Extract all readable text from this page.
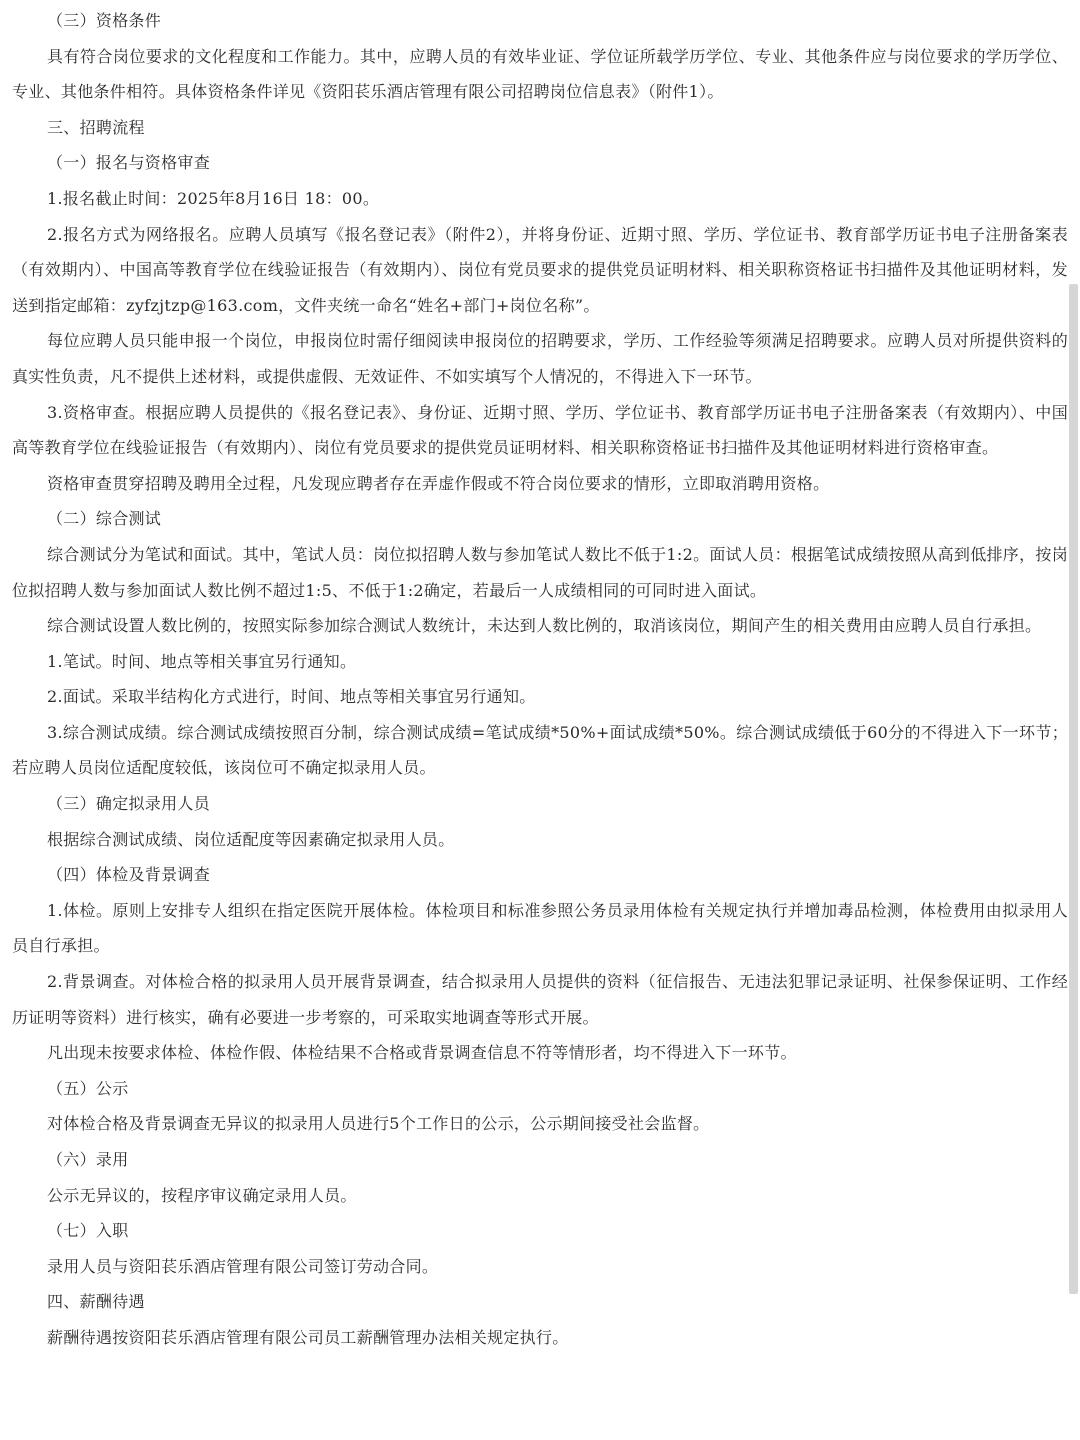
（三）资格条件

具有符合岗位要求的文化程度和工作能力。其中，应聘人员的有效毕业证、学位证所载学历学位、专业、其他条件应与岗位要求的学历学位、专业、其他条件相符。具体资格条件详见《资阳苌乐酒店管理有限公司招聘岗位信息表》（附件1）。

三、招聘流程

（一）报名与资格审查

1.报名截止时间：2025年8月16日 18：00。

2.报名方式为网络报名。应聘人员填写《报名登记表》（附件2），并将身份证、近期寸照、学历、学位证书、教育部学历证书电子注册备案表（有效期内）、中国高等教育学位在线验证报告（有效期内）、岗位有党员要求的提供党员证明材料、相关职称资格证书扫描件及其他证明材料，发送到指定邮箱：zyfzjtzp@163.com，文件夹统一命名“姓名+部门+岗位名称”。

每位应聘人员只能申报一个岗位，申报岗位时需仔细阅读申报岗位的招聘要求，学历、工作经验等须满足招聘要求。应聘人员对所提供资料的真实性负责，凡不提供上述材料，或提供虚假、无效证件、不如实填写个人情况的，不得进入下一环节。

3.资格审查。根据应聘人员提供的《报名登记表》、身份证、近期寸照、学历、学位证书、教育部学历证书电子注册备案表（有效期内）、中国高等教育学位在线验证报告（有效期内）、岗位有党员要求的提供党员证明材料、相关职称资格证书扫描件及其他证明材料进行资格审查。

资格审查贯穿招聘及聘用全过程，凡发现应聘者存在弄虚作假或不符合岗位要求的情形，立即取消聘用资格。

（二）综合测试

综合测试分为笔试和面试。其中，笔试人员：岗位拟招聘人数与参加笔试人数比不低于1:2。面试人员：根据笔试成绩按照从高到低排序，按岗位拟招聘人数与参加面试人数比例不超过1:5、不低于1:2确定，若最后一人成绩相同的可同时进入面试。

综合测试设置人数比例的，按照实际参加综合测试人数统计，未达到人数比例的，取消该岗位，期间产生的相关费用由应聘人员自行承担。

1.笔试。时间、地点等相关事宜另行通知。

2.面试。采取半结构化方式进行，时间、地点等相关事宜另行通知。

3.综合测试成绩。综合测试成绩按照百分制，综合测试成绩=笔试成绩*50%+面试成绩*50%。综合测试成绩低于60分的不得进入下一环节；若应聘人员岗位适配度较低，该岗位可不确定拟录用人员。

（三）确定拟录用人员

根据综合测试成绩、岗位适配度等因素确定拟录用人员。

（四）体检及背景调查

1.体检。原则上安排专人组织在指定医院开展体检。体检项目和标准参照公务员录用体检有关规定执行并增加毒品检测，体检费用由拟录用人员自行承担。

2.背景调查。对体检合格的拟录用人员开展背景调查，结合拟录用人员提供的资料（征信报告、无违法犯罪记录证明、社保参保证明、工作经历证明等资料）进行核实，确有必要进一步考察的，可采取实地调查等形式开展。

凡出现未按要求体检、体检作假、体检结果不合格或背景调查信息不符等情形者，均不得进入下一环节。

（五）公示

对体检合格及背景调查无异议的拟录用人员进行5个工作日的公示，公示期间接受社会监督。

（六）录用

公示无异议的，按程序审议确定录用人员。

（七）入职

录用人员与资阳苌乐酒店管理有限公司签订劳动合同。

四、薪酬待遇

薪酬待遇按资阳苌乐酒店管理有限公司员工薪酬管理办法相关规定执行。
